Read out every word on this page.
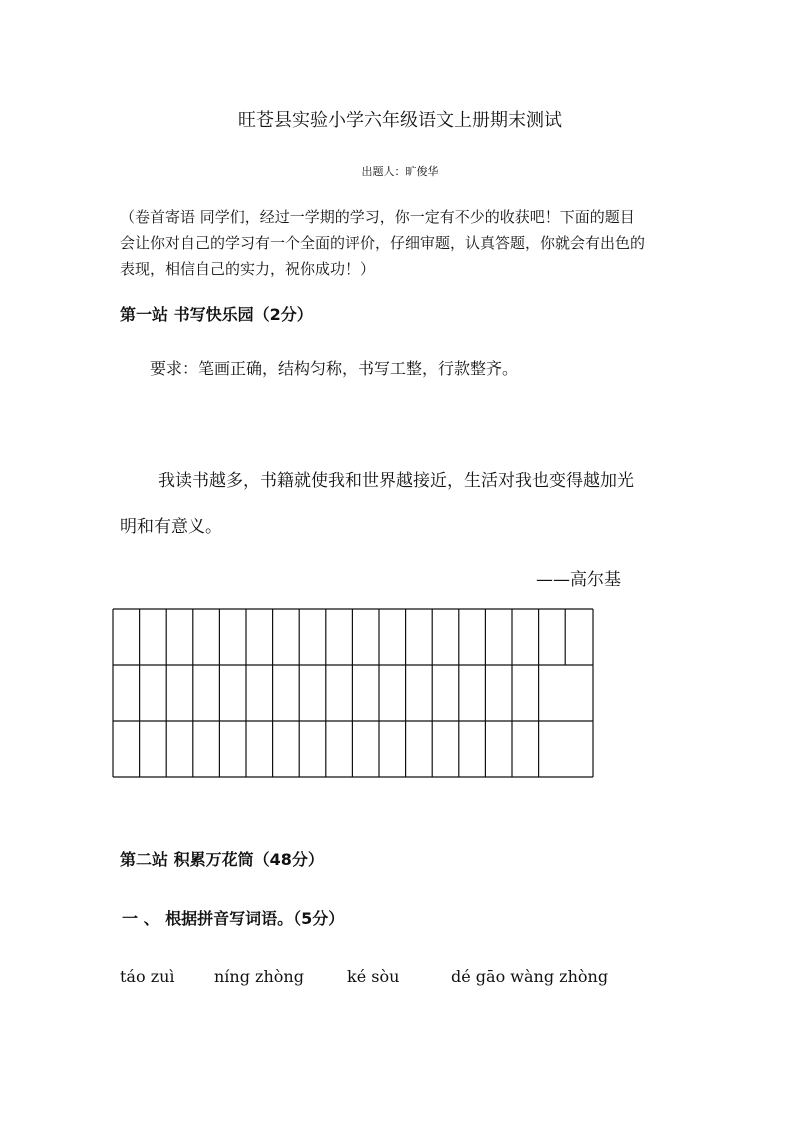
旺苍县实验小学六年级语文上册期末测试
出题人：旷俊华
（卷首寄语 同学们，经过一学期的学习，你一定有不少的收获吧！下面的题目
会让你对自己的学习有一个全面的评价，仔细审题，认真答题，你就会有出色的
表现，相信自己的实力，祝你成功！）
第一站 书写快乐园（2分）
要求：笔画正确，结构匀称，书写工整，行款整齐。
我读书越多，书籍就使我和世界越接近，生活对我也变得越加光
明和有意义。
——高尔基
第二站 积累万花筒（48分）
一 、 根据拼音写词语。（5分）
táo zuì níng zhòng	ké sòu	dé gāo wàng zhòng
